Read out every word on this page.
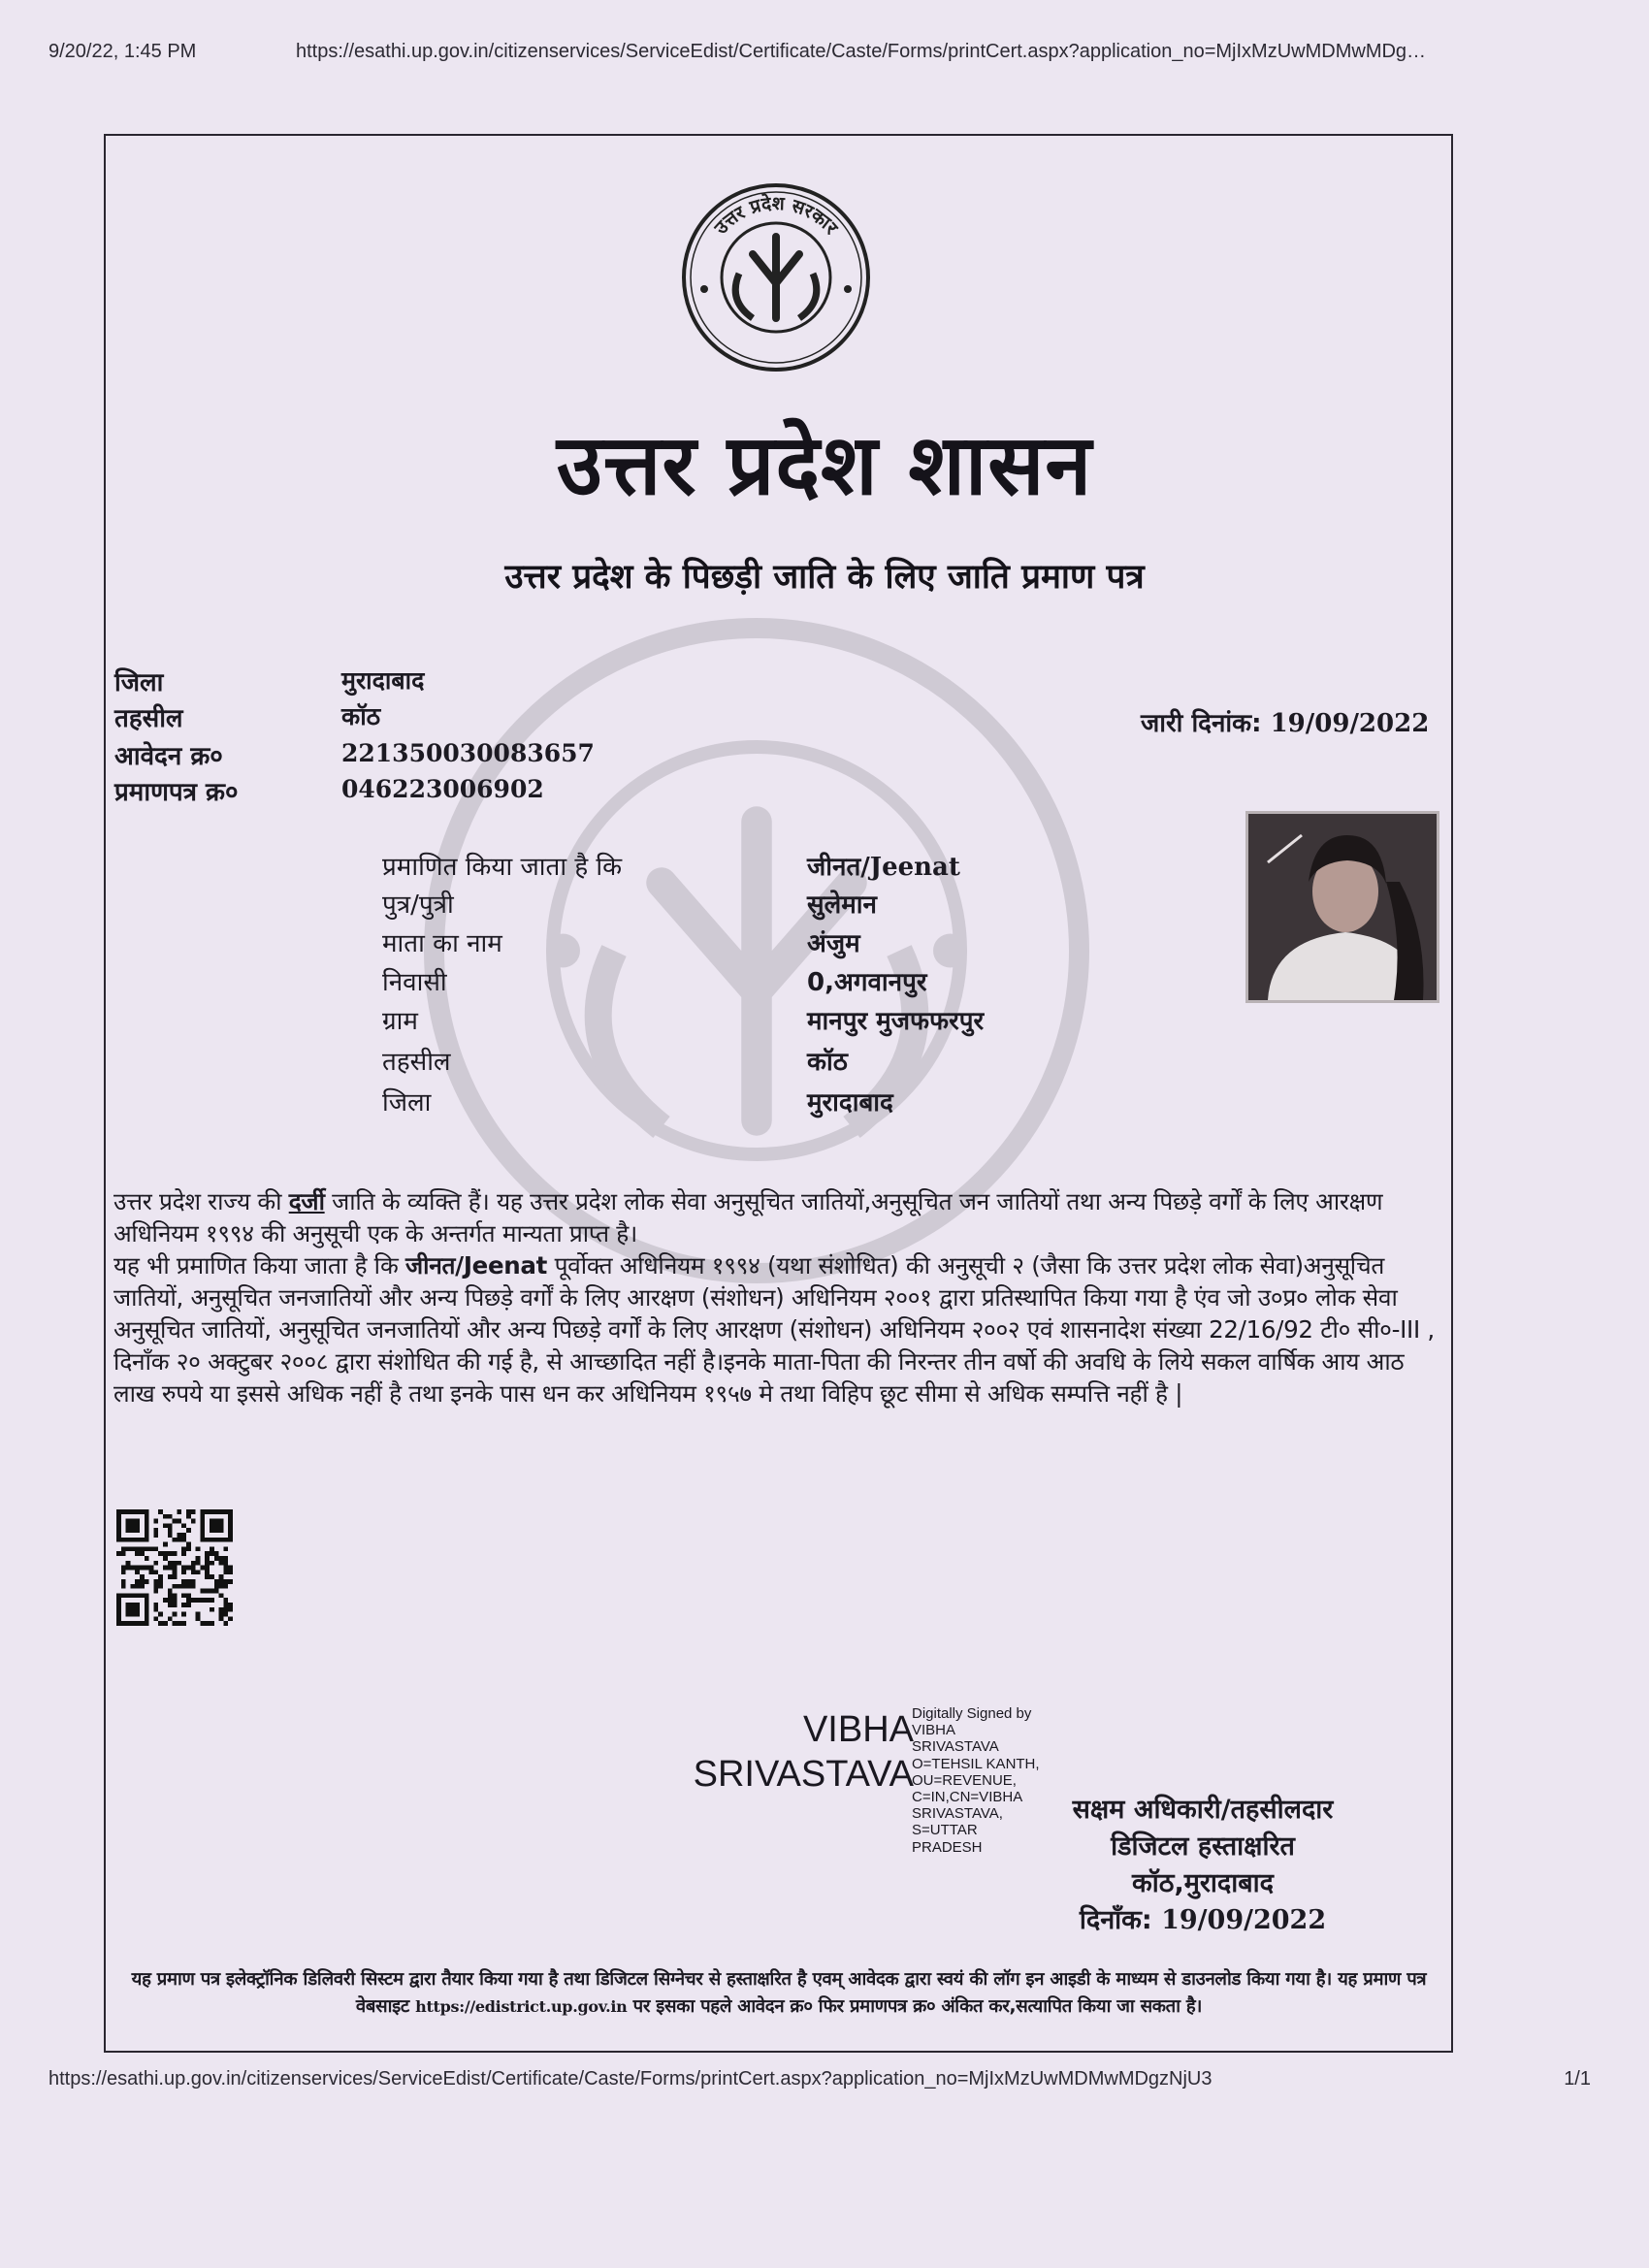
9/20/22, 1:45 PM	https://esathi.up.gov.in/citizenservices/ServiceEdist/Certificate/Caste/Forms/printCert.aspx?application_no=MjIxMzUwMDMwMDg…
उत्तर प्रदेश सरकार
उत्तर प्रदेश शासन
उत्तर प्रदेश के पिछड़ी जाति के लिए जाति प्रमाण पत्र
जिला	मुरादाबाद
तहसील	कॉठ
आवेदन क्र०	221350030083657
प्रमाणपत्र क्र०	046223006902
जारी दिनांक: 19/09/2022
प्रमाणित किया जाता है कि	जीनत/Jeenat
पुत्र/पुत्री	सुलेमान
माता का नाम	अंजुम
निवासी	0,अगवानपुर
ग्राम	मानपुर मुजफफरपुर
तहसील	कॉठ
जिला	मुरादाबाद
उत्तर प्रदेश राज्य की दर्जी जाति के व्यक्ति हैं। यह उत्तर प्रदेश लोक सेवा अनुसूचित जातियों,अनुसूचित जन जातियों तथा अन्य पिछड़े वर्गों के लिए आरक्षण अधिनियम १९९४ की अनुसूची एक के अन्तर्गत मान्यता प्राप्त है।
यह भी प्रमाणित किया जाता है कि जीनत/Jeenat पूर्वोक्त अधिनियम १९९४ (यथा संशोधित) की अनुसूची २ (जैसा कि उत्तर प्रदेश लोक सेवा)अनुसूचित जातियों, अनुसूचित जनजातियों और अन्य पिछड़े वर्गों के लिए आरक्षण (संशोधन) अधिनियम २००१ द्वारा प्रतिस्थापित किया गया है एंव जो उ०प्र० लोक सेवा अनुसूचित जातियों, अनुसूचित जनजातियों और अन्य पिछड़े वर्गों के लिए आरक्षण (संशोधन) अधिनियम २००२ एवं शासनादेश संख्या 22/16/92 टी० सी०-III , दिनाँक २० अक्टुबर २००८ द्वारा संशोधित की गई है, से आच्छादित नहीं है।इनके माता-पिता की निरन्तर तीन वर्षो की अवधि के लिये सकल वार्षिक आय आठ लाख रुपये या इससे अधिक नहीं है तथा इनके पास धन कर अधिनियम १९५७ मे तथा विहिप छूट सीमा से अधिक सम्पत्ति नहीं है |
VIBHA
SRIVASTAVA
Digitally Signed by
VIBHA
SRIVASTAVA
O=TEHSIL KANTH,
OU=REVENUE,
C=IN,CN=VIBHA
SRIVASTAVA,
S=UTTAR
PRADESH
सक्षम अधिकारी/तहसीलदार
डिजिटल हस्ताक्षरित
कॉठ,मुरादाबाद
दिनाँक: 19/09/2022
यह प्रमाण पत्र इलेक्ट्रॉनिक डिलिवरी सिस्टम द्वारा तैयार किया गया है तथा डिजिटल सिग्नेचर से हस्ताक्षरित है एवम् आवेदक द्वारा स्वयं की लॉग इन आइडी के माध्यम से डाउनलोड किया गया है। यह प्रमाण पत्र वेबसाइट https://edistrict.up.gov.in पर इसका पहले आवेदन क्र० फिर प्रमाणपत्र क्र० अंकित कर,सत्यापित किया जा सकता है।
https://esathi.up.gov.in/citizenservices/ServiceEdist/Certificate/Caste/Forms/printCert.aspx?application_no=MjIxMzUwMDMwMDgzNjU3	1/1
